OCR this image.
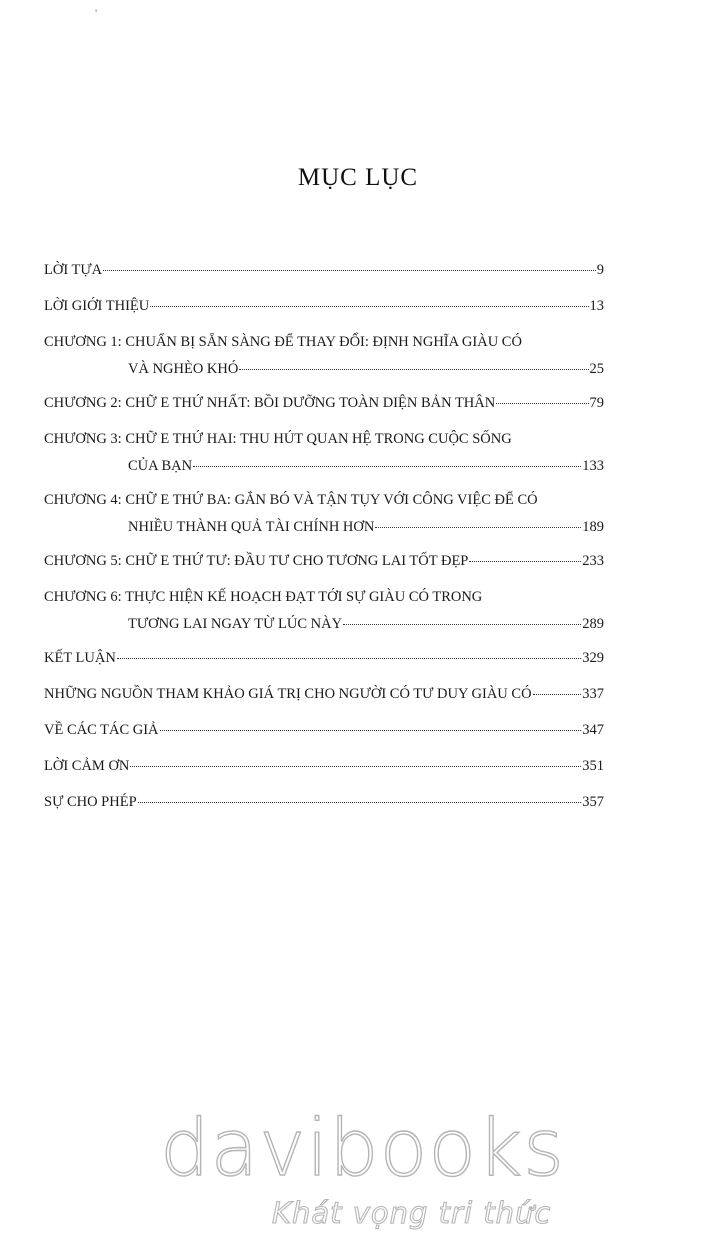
'
MỤC LỤC
LỜI TỰA	9
LỜI GIỚI THIỆU	13
CHƯƠNG 1: CHUẨN BỊ SẴN SÀNG ĐỂ THAY ĐỔI: ĐỊNH NGHĨA GIÀU CÓ
VÀ NGHÈO KHÓ	25
CHƯƠNG 2: CHỮ E THỨ NHẤT: BỒI DƯỠNG TOÀN DIỆN BẢN THÂN	79
CHƯƠNG 3: CHỮ E THỨ HAI: THU HÚT QUAN HỆ TRONG CUỘC SỐNG
CỦA BẠN	133
CHƯƠNG 4: CHỮ E THỨ BA: GẮN BÓ VÀ TẬN TỤY VỚI CÔNG VIỆC ĐỂ CÓ
NHIỀU THÀNH QUẢ TÀI CHÍNH HƠN	189
CHƯƠNG 5: CHỮ E THỨ TƯ: ĐẦU TƯ CHO TƯƠNG LAI TỐT ĐẸP	233
CHƯƠNG 6: THỰC HIỆN KẾ HOẠCH ĐẠT TỚI SỰ GIÀU CÓ TRONG
TƯƠNG LAI NGAY TỪ LÚC NÀY	289
KẾT LUẬN	329
NHỮNG NGUỒN THAM KHẢO GIÁ TRỊ CHO NGƯỜI CÓ TƯ DUY GIÀU CÓ	337
VỀ CÁC TÁC GIẢ	347
LỜI CẢM ƠN	351
SỰ CHO PHÉP	357
davibooks
Khát vọng tri thức
